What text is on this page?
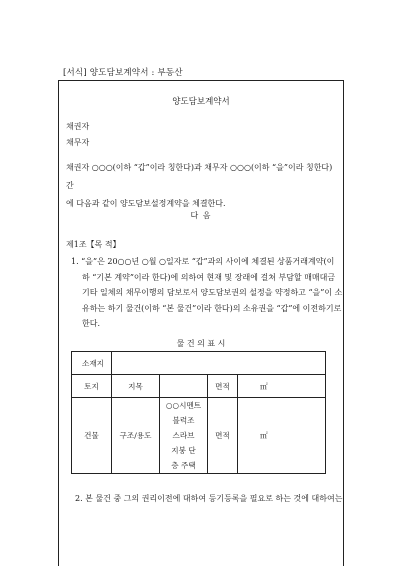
[서식] 양도담보계약서 : 부동산
양도담보계약서
채권자
채무자
채권자 ○○○(이하 “갑”이라 칭한다)과 채무자 ○○○(이하 “을”이라 칭한다) 간
에 다음과 같이 양도담보설정계약을 체결한다.
다 음
제1조【목 적】
1. “을”은 20○○년 ○월 ○일자로 “갑”과의 사이에 체결된 상품거래계약(이
하 “기본 계약”이라 한다)에 의하여 현재 및 장래에 걸쳐 부담할 매매대금
기타 일체의 채무이행의 담보로서 양도담보권의 설정을 약정하고 “을”이 소
유하는 하기 물건(이하 “본 물건”이라 한다)의 소유권을 “갑”에 이전하기로
한다.
물 건 의 표 시
소재지				
토지	지목		면적	㎡
건물	구조/용도	○○시멘트
블럭조
스라브
지붕 단
층 주택	면적	㎡
2. 본 물건 중 그의 권리이전에 대하여 등기등록을 필요로 하는 것에 대하여는
